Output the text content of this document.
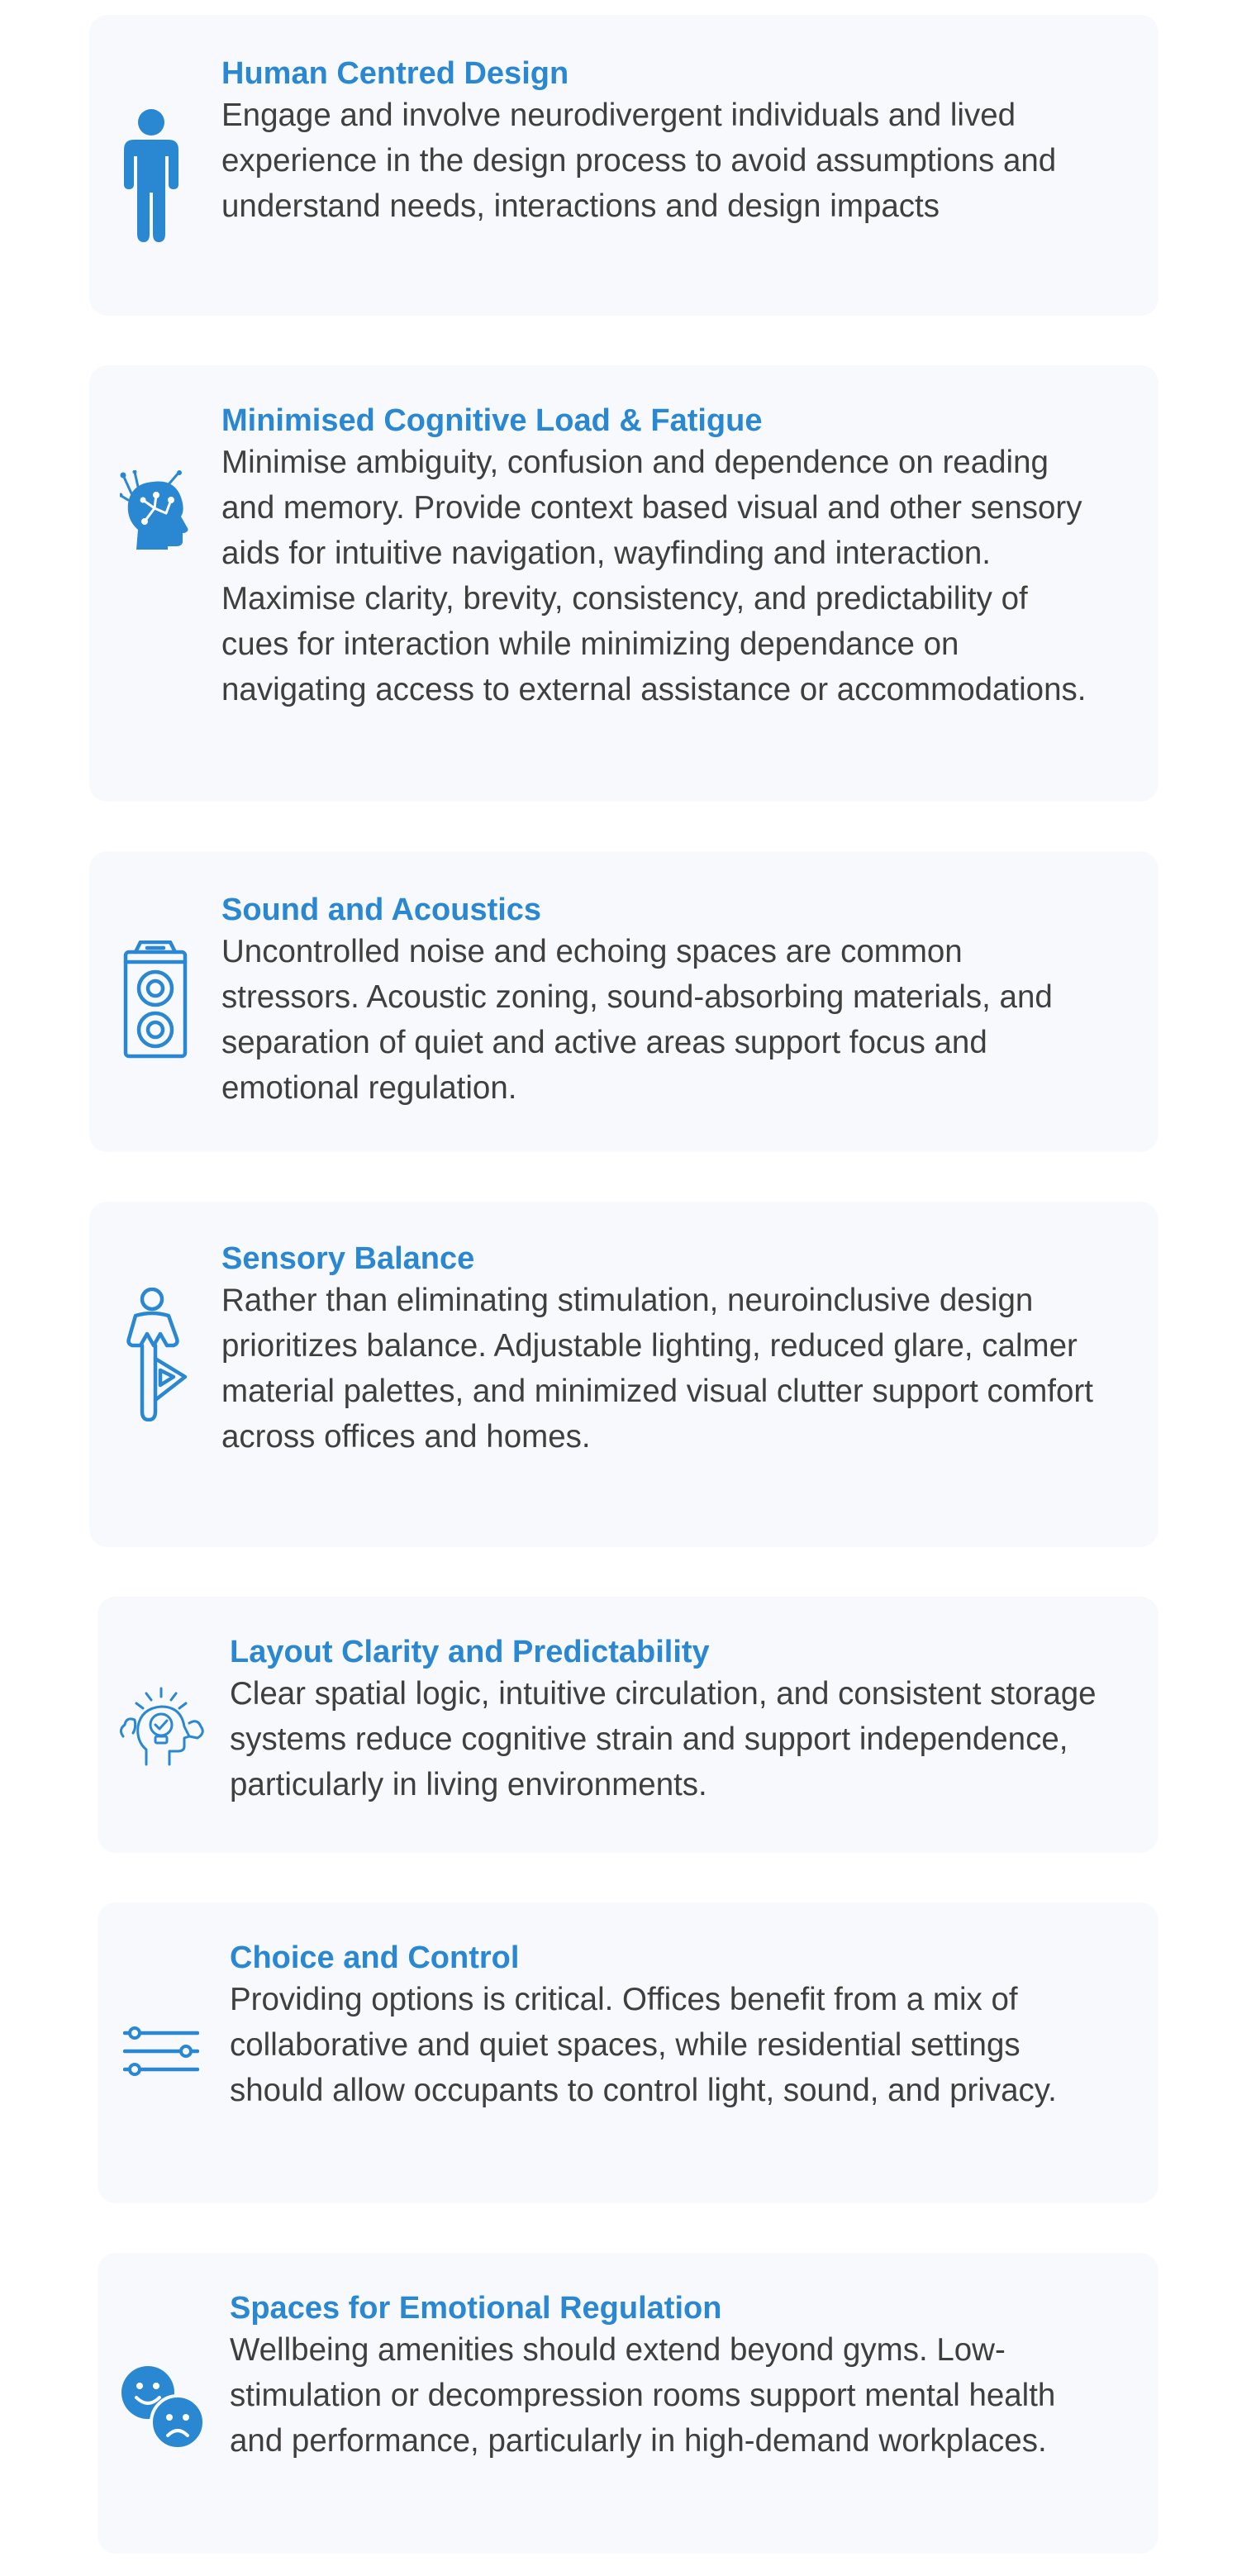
Human Centred Design

Engage and involve neurodivergent individuals and lived experience in the design process to avoid assumptions and understand needs, interactions and design impacts

Minimised Cognitive Load & Fatigue

Minimise ambiguity, confusion and dependence on reading and memory. Provide context based visual and other sensory aids for intuitive navigation, wayfinding and interaction. Maximise clarity, brevity, consistency, and predictability of cues for interaction while minimizing dependance on navigating access to external assistance or accommodations.

Sound and Acoustics

Uncontrolled noise and echoing spaces are common stressors. Acoustic zoning, sound-absorbing materials, and separation of quiet and active areas support focus and emotional regulation.

Sensory Balance

Rather than eliminating stimulation, neuroinclusive design prioritizes balance. Adjustable lighting, reduced glare, calmer material palettes, and minimized visual clutter support comfort across offices and homes.

Layout Clarity and Predictability

Clear spatial logic, intuitive circulation, and consistent storage systems reduce cognitive strain and support independence, particularly in living environments.

Choice and Control

Providing options is critical. Offices benefit from a mix of collaborative and quiet spaces, while residential settings should allow occupants to control light, sound, and privacy.

Spaces for Emotional Regulation

Wellbeing amenities should extend beyond gyms. Low-stimulation or decompression rooms support mental health and performance, particularly in high-demand workplaces.
